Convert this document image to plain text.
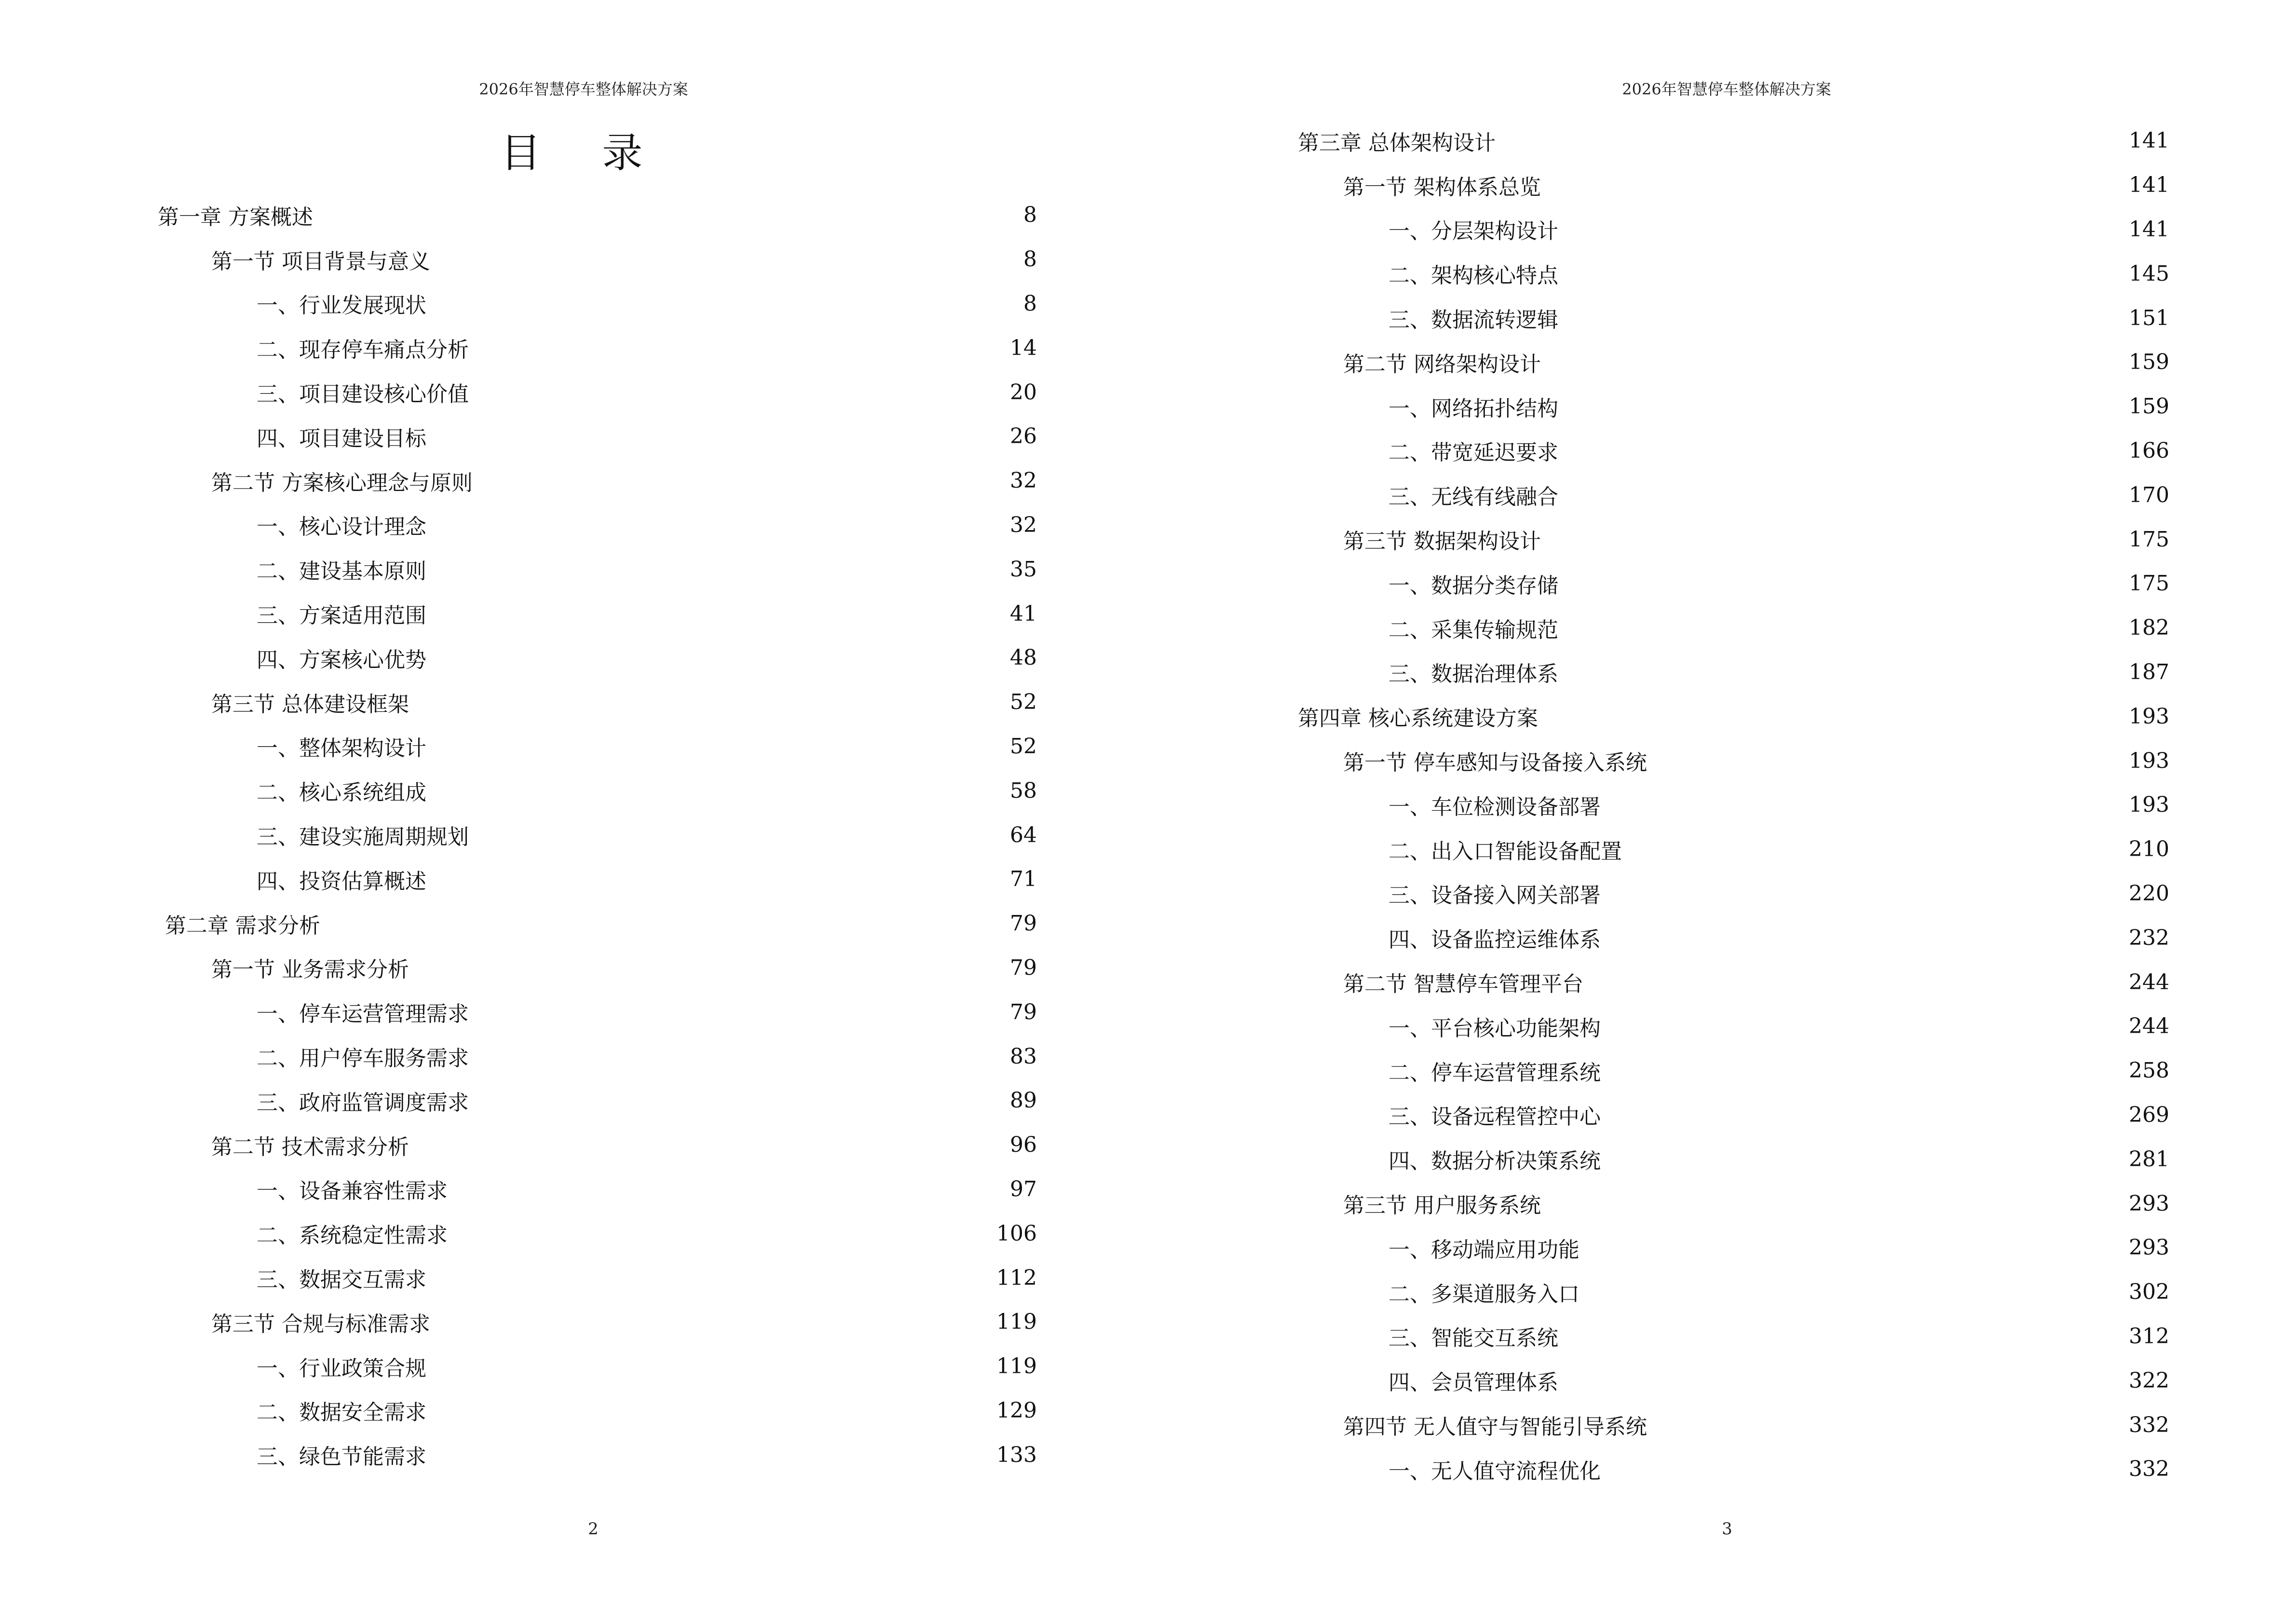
2026年智慧停车整体解决方案
目 录
第一章 方案概述	8
第一节 项目背景与意义	8
一、行业发展现状	8
二、现存停车痛点分析	14
三、项目建设核心价值	20
四、项目建设目标	26
第二节 方案核心理念与原则	32
一、核心设计理念	32
二、建设基本原则	35
三、方案适用范围	41
四、方案核心优势	48
第三节 总体建设框架	52
一、整体架构设计	52
二、核心系统组成	58
三、建设实施周期规划	64
四、投资估算概述	71
第二章 需求分析	79
第一节 业务需求分析	79
一、停车运营管理需求	79
二、用户停车服务需求	83
三、政府监管调度需求	89
第二节 技术需求分析	96
一、设备兼容性需求	97
二、系统稳定性需求	106
三、数据交互需求	112
第三节 合规与标准需求	119
一、行业政策合规	119
二、数据安全需求	129
三、绿色节能需求	133
2
2026年智慧停车整体解决方案
第三章 总体架构设计	141
第一节 架构体系总览	141
一、分层架构设计	141
二、架构核心特点	145
三、数据流转逻辑	151
第二节 网络架构设计	159
一、网络拓扑结构	159
二、带宽延迟要求	166
三、无线有线融合	170
第三节 数据架构设计	175
一、数据分类存储	175
二、采集传输规范	182
三、数据治理体系	187
第四章 核心系统建设方案	193
第一节 停车感知与设备接入系统	193
一、车位检测设备部署	193
二、出入口智能设备配置	210
三、设备接入网关部署	220
四、设备监控运维体系	232
第二节 智慧停车管理平台	244
一、平台核心功能架构	244
二、停车运营管理系统	258
三、设备远程管控中心	269
四、数据分析决策系统	281
第三节 用户服务系统	293
一、移动端应用功能	293
二、多渠道服务入口	302
三、智能交互系统	312
四、会员管理体系	322
第四节 无人值守与智能引导系统	332
一、无人值守流程优化	332
3
